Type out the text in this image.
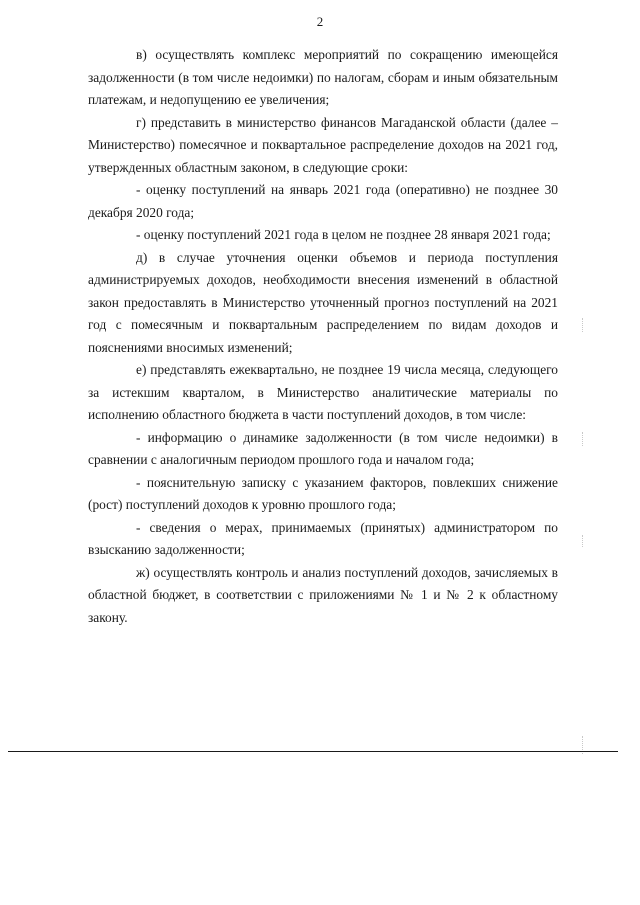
2

в) осуществлять комплекс мероприятий по сокращению имеющейся задолженности (в том числе недоимки) по налогам, сборам и иным обязательным платежам, и недопущению ее увеличения;

г) представить в министерство финансов Магаданской области (далее – Министерство) помесячное и поквартальное распределение доходов на 2021 год, утвержденных областным законом, в следующие сроки:

- оценку поступлений на январь 2021 года (оперативно) не позднее 30 декабря 2020 года;

- оценку поступлений 2021 года в целом не позднее 28 января 2021 года;

д) в случае уточнения оценки объемов и периода поступления администрируемых доходов, необходимости внесения изменений в областной закон предоставлять в Министерство уточненный прогноз поступлений на 2021 год с помесячным и поквартальным распределением по видам доходов и пояснениями вносимых изменений;

е) представлять ежеквартально, не позднее 19 числа месяца, следующего за истекшим кварталом, в Министерство аналитические материалы по исполнению областного бюджета в части поступлений доходов, в том числе:

- информацию о динамике задолженности (в том числе недоимки) в сравнении с аналогичным периодом прошлого года и началом года;

- пояснительную записку с указанием факторов, повлекших снижение (рост) поступлений доходов к уровню прошлого года;

- сведения о мерах, принимаемых (принятых) администратором по взысканию задолженности;

ж) осуществлять контроль и анализ поступлений доходов, зачисляемых в областной бюджет, в соответствии с приложениями № 1 и № 2 к областному закону.
